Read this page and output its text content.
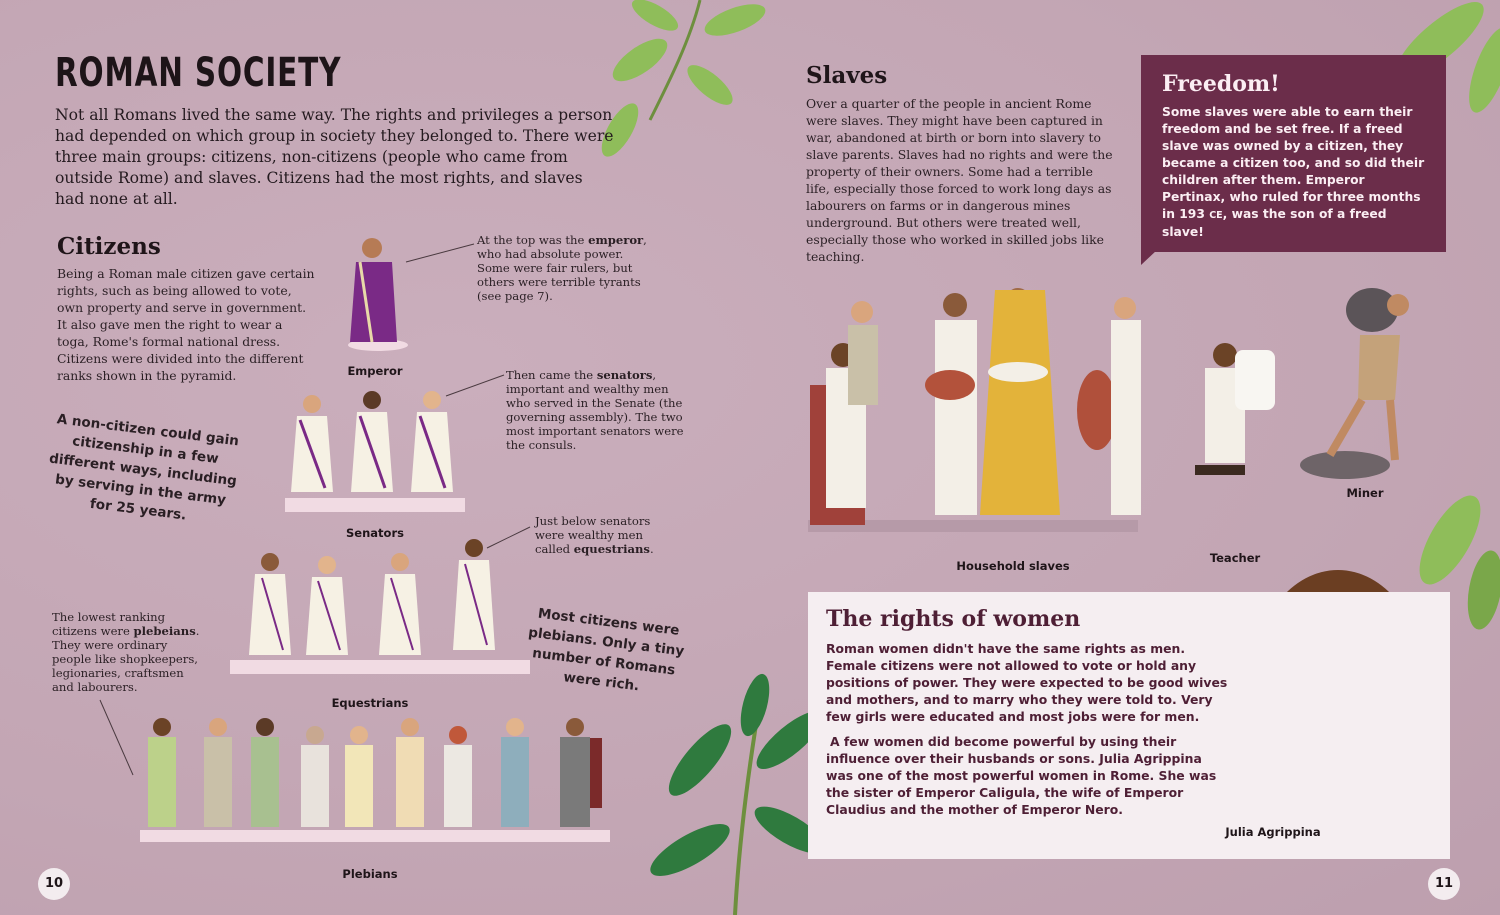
ROMAN SOCIETY
Not all Romans lived the same way. The rights and privileges a person had depended on which group in society they belonged to. There were three main groups: citizens, non-citizens (people who came from outside Rome) and slaves. Citizens had the most rights, and slaves had none at all.
Citizens
Being a Roman male citizen gave certain rights, such as being allowed to vote, own property and serve in government. It also gave men the right to wear a toga, Rome's formal national dress. Citizens were divided into the different ranks shown in the pyramid.
At the top was the emperor, who had absolute power. Some were fair rulers, but others were terrible tyrants (see page 7).
Emperor	Then came the senators, important and wealthy men who served in the Senate (the governing assembly). The two most important senators were the consuls.
Senators
A non-citizen could gain citizenship in a few different ways, including by serving in the army for 25 years.	Just below senators were wealthy men called equestrians.
Equestrians
The lowest ranking citizens were plebeians. They were ordinary people like shopkeepers, legionaries, craftsmen and labourers.
Most citizens were plebians. Only a tiny number of Romans were rich.
Plebians
Slaves
Over a quarter of the people in ancient Rome were slaves. They might have been captured in war, abandoned at birth or born into slavery to slave parents. Slaves had no rights and were the property of their owners. Some had a terrible life, especially those forced to work long days as labourers on farms or in dangerous mines underground. But others were treated well, especially those who worked in skilled jobs like teaching.
Freedom!
Some slaves were able to earn their freedom and be set free. If a freed slave was owned by a citizen, they became a citizen too, and so did their children after them. Emperor Pertinax, who ruled for three months in 193 CE, was the son of a freed slave!
Household slaves
Teacher
Miner
The rights of women
Roman women didn't have the same rights as men. Female citizens were not allowed to vote or hold any positions of power. They were expected to be good wives and mothers, and to marry who they were told to. Very few girls were educated and most jobs were for men.
A few women did become powerful by using their influence over their husbands or sons. Julia Agrippina was one of the most powerful women in Rome. She was the sister of Emperor Caligula, the wife of Emperor Claudius and the mother of Emperor Nero.
Julia Agrippina
10	11
